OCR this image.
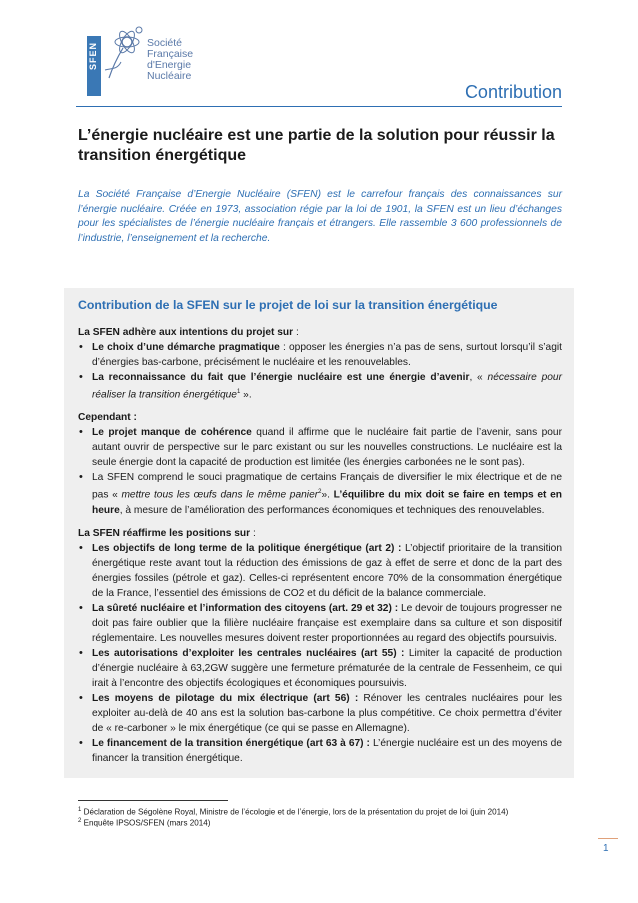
SFEN	Société
Française
d'Energie
Nucléaire
Contribution
L’énergie nucléaire est une partie de la solution pour réussir la transition énergétique

La Société Française d’Energie Nucléaire (SFEN) est le carrefour français des connaissances sur l’énergie nucléaire. Créée en 1973, association régie par la loi de 1901, la SFEN est un lieu d’échanges pour les spécialistes de l’énergie nucléaire français et étrangers. Elle rassemble 3 600 professionnels de l’industrie, l’enseignement et la recherche.

Contribution de la SFEN sur le projet de loi sur la transition énergétique

La SFEN adhère aux intentions du projet sur :

• Le choix d’une démarche pragmatique : opposer les énergies n’a pas de sens, surtout lorsqu’il s’agit d’énergies bas-carbone, précisément le nucléaire et les renouvelables.
• La reconnaissance du fait que l’énergie nucléaire est une énergie d’avenir, « nécessaire pour réaliser la transition énergétique$^1$ ».

Cependant :

• Le projet manque de cohérence quand il affirme que le nucléaire fait partie de l’avenir, sans pour autant ouvrir de perspective sur le parc existant ou sur les nouvelles constructions. Le nucléaire est la seule énergie dont la capacité de production est limitée (les énergies carbonées ne le sont pas).
• La SFEN comprend le souci pragmatique de certains Français de diversifier le mix électrique et de ne pas « mettre tous les œufs dans le même panier$^2$». L’équilibre du mix doit se faire en temps et en heure, à mesure de l’amélioration des performances économiques et techniques des renouvelables.

La SFEN réaffirme les positions sur :

• Les objectifs de long terme de la politique énergétique (art 2) : L’objectif prioritaire de la transition énergétique reste avant tout la réduction des émissions de gaz à effet de serre et donc de la part des énergies fossiles (pétrole et gaz). Celles-ci représentent encore 70% de la consommation énergétique de la France, l’essentiel des émissions de CO2 et du déficit de la balance commerciale.
• La sûreté nucléaire et l’information des citoyens (art. 29 et 32) : Le devoir de toujours progresser ne doit pas faire oublier que la filière nucléaire française est exemplaire dans sa culture et son dispositif réglementaire. Les nouvelles mesures doivent rester proportionnées au regard des objectifs poursuivis.
• Les autorisations d’exploiter les centrales nucléaires (art 55) : Limiter la capacité de production d’énergie nucléaire à 63,2GW suggère une fermeture prématurée de la centrale de Fessenheim, ce qui irait à l’encontre des objectifs écologiques et économiques poursuivis.
• Les moyens de pilotage du mix électrique (art 56) : Rénover les centrales nucléaires pour les exploiter au-delà de 40 ans est la solution bas-carbone la plus compétitive. Ce choix permettra d’éviter de « re-carboner » le mix énergétique (ce qui se passe en Allemagne).
• Le financement de la transition énergétique (art 63 à 67) : L’énergie nucléaire est un des moyens de financer la transition énergétique.
$^1$ Déclaration de Ségolène Royal, Ministre de l’écologie et de l’énergie, lors de la présentation du projet de loi (juin 2014)
$^2$ Enquête IPSOS/SFEN (mars 2014)
1
